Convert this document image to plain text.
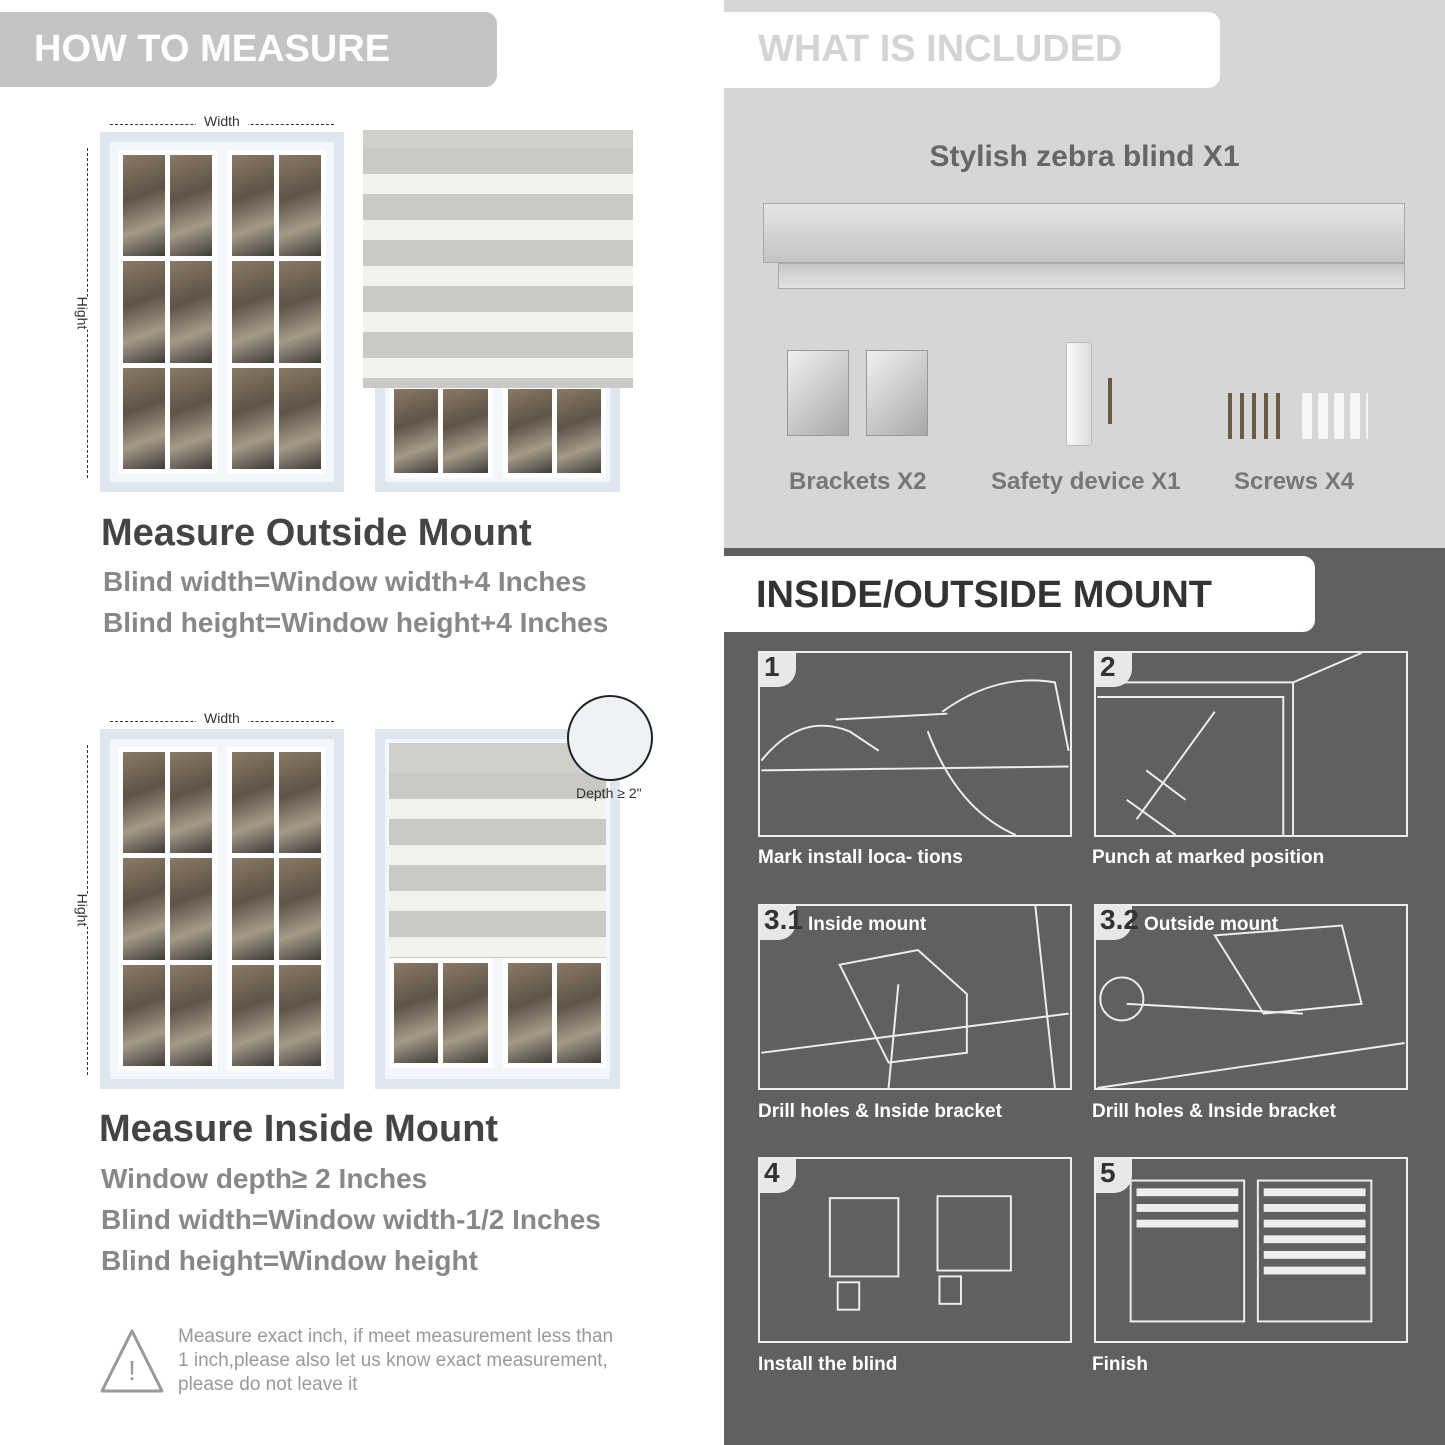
HOW TO MEASURE
Width
Hight
Measure Outside Mount
Blind width=Window width+4 Inches
Blind height=Window height+4 Inches
Width
Hight
Depth ≥ 2"
Measure Inside Mount
Window depth≥ 2 Inches
Blind width=Window width-1/2 Inches
Blind height=Window height
!
Measure exact inch, if meet measurement less than 1 inch,please also let us know exact measurement, please do not leave it
WHAT IS INCLUDED
Stylish zebra blind X1
Brackets X2	Safety device X1 Screws X4
INSIDE/OUTSIDE MOUNT
1	2
3.1 Inside mount	3.2 Outside mount
4	5
Mark install loca- tions	Punch at marked position
Drill holes & Inside bracket	Drill holes & Inside bracket
Install the blind	Finish
